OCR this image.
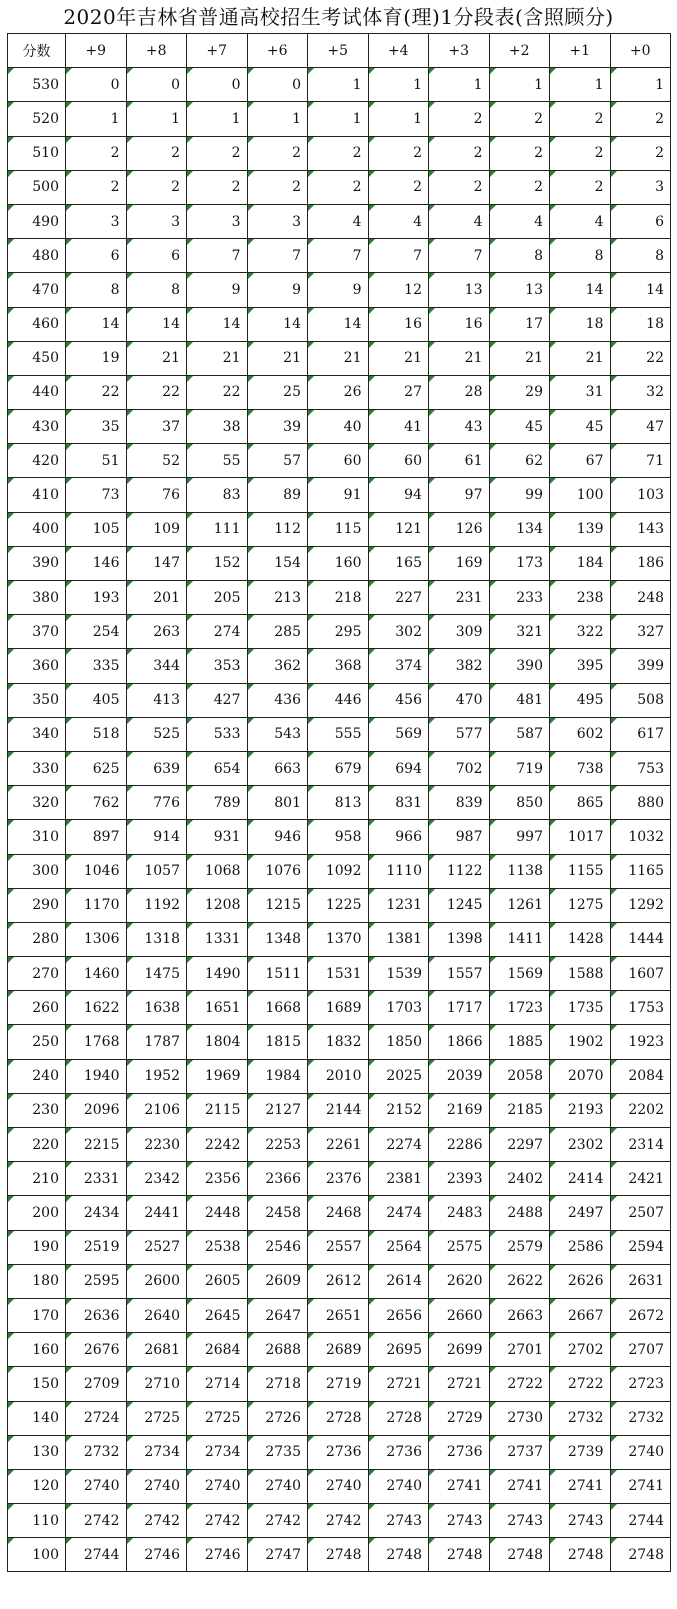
2020年吉林省普通高校招生考试体育(理)1分段表(含照顾分)
分数	+9	+8	+7	+6	+5	+4	+3	+2	+1	+0
530	0	0	0	0	1	1	1	1	1	1
520	1	1	1	1	1	1	2	2	2	2
510	2	2	2	2	2	2	2	2	2	2
500	2	2	2	2	2	2	2	2	2	3
490	3	3	3	3	4	4	4	4	4	6
480	6	6	7	7	7	7	7	8	8	8
470	8	8	9	9	9	12	13	13	14	14
460	14	14	14	14	14	16	16	17	18	18
450	19	21	21	21	21	21	21	21	21	22
440	22	22	22	25	26	27	28	29	31	32
430	35	37	38	39	40	41	43	45	45	47
420	51	52	55	57	60	60	61	62	67	71
410	73	76	83	89	91	94	97	99	100	103
400	105	109	111	112	115	121	126	134	139	143
390	146	147	152	154	160	165	169	173	184	186
380	193	201	205	213	218	227	231	233	238	248
370	254	263	274	285	295	302	309	321	322	327
360	335	344	353	362	368	374	382	390	395	399
350	405	413	427	436	446	456	470	481	495	508
340	518	525	533	543	555	569	577	587	602	617
330	625	639	654	663	679	694	702	719	738	753
320	762	776	789	801	813	831	839	850	865	880
310	897	914	931	946	958	966	987	997	1017	1032
300	1046	1057	1068	1076	1092	1110	1122	1138	1155	1165
290	1170	1192	1208	1215	1225	1231	1245	1261	1275	1292
280	1306	1318	1331	1348	1370	1381	1398	1411	1428	1444
270	1460	1475	1490	1511	1531	1539	1557	1569	1588	1607
260	1622	1638	1651	1668	1689	1703	1717	1723	1735	1753
250	1768	1787	1804	1815	1832	1850	1866	1885	1902	1923
240	1940	1952	1969	1984	2010	2025	2039	2058	2070	2084
230	2096	2106	2115	2127	2144	2152	2169	2185	2193	2202
220	2215	2230	2242	2253	2261	2274	2286	2297	2302	2314
210	2331	2342	2356	2366	2376	2381	2393	2402	2414	2421
200	2434	2441	2448	2458	2468	2474	2483	2488	2497	2507
190	2519	2527	2538	2546	2557	2564	2575	2579	2586	2594
180	2595	2600	2605	2609	2612	2614	2620	2622	2626	2631
170	2636	2640	2645	2647	2651	2656	2660	2663	2667	2672
160	2676	2681	2684	2688	2689	2695	2699	2701	2702	2707
150	2709	2710	2714	2718	2719	2721	2721	2722	2722	2723
140	2724	2725	2725	2726	2728	2728	2729	2730	2732	2732
130	2732	2734	2734	2735	2736	2736	2736	2737	2739	2740
120	2740	2740	2740	2740	2740	2740	2741	2741	2741	2741
110	2742	2742	2742	2742	2742	2743	2743	2743	2743	2744
100	2744	2746	2746	2747	2748	2748	2748	2748	2748	2748
